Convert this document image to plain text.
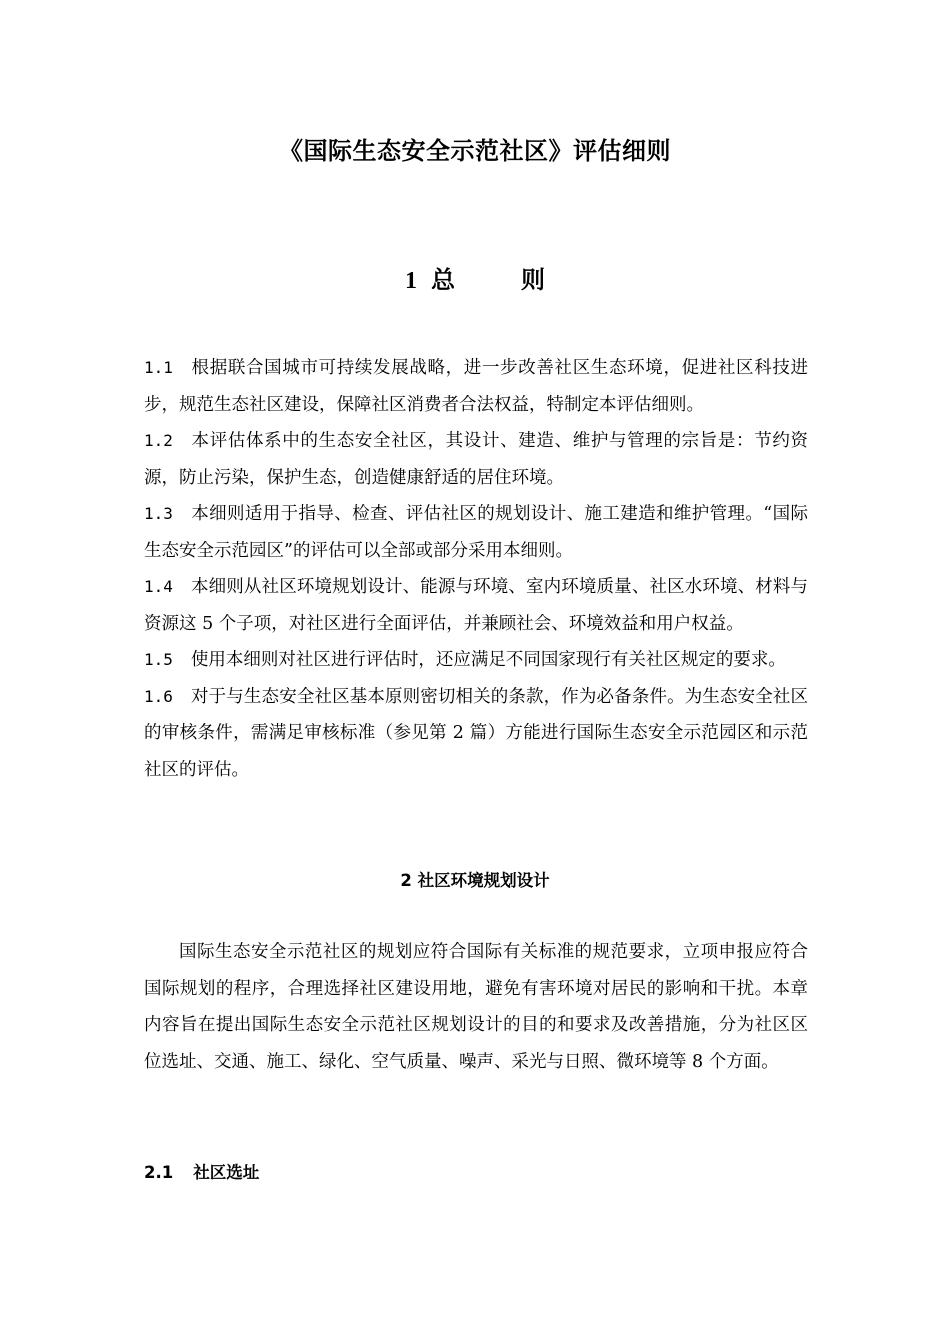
《国际生态安全示范社区》评估细则
1 总	则

1.1 根据联合国城市可持续发展战略，进一步改善社区生态环境，促进社区科技进步，规范生态社区建设，保障社区消费者合法权益，特制定本评估细则。

1.2 本评估体系中的生态安全社区，其设计、建造、维护与管理的宗旨是：节约资源，防止污染，保护生态，创造健康舒适的居住环境。

1.3 本细则适用于指导、检查、评估社区的规划设计、施工建造和维护管理。“国际生态安全示范园区”的评估可以全部或部分采用本细则。

1.4 本细则从社区环境规划设计、能源与环境、室内环境质量、社区水环境、材料与资源这 5 个子项，对社区进行全面评估，并兼顾社会、环境效益和用户权益。

1.5 使用本细则对社区进行评估时，还应满足不同国家现行有关社区规定的要求。

1.6 对于与生态安全社区基本原则密切相关的条款，作为必备条件。为生态安全社区的审核条件，需满足审核标准（参见第 2 篇）方能进行国际生态安全示范园区和示范社区的评估。

2 社区环境规划设计

国际生态安全示范社区的规划应符合国际有关标准的规范要求，立项申报应符合国际规划的程序，合理选择社区建设用地，避免有害环境对居民的影响和干扰。本章内容旨在提出国际生态安全示范社区规划设计的目的和要求及改善措施，分为社区区位选址、交通、施工、绿化、空气质量、噪声、采光与日照、微环境等 8 个方面。

2.1 社区选址
